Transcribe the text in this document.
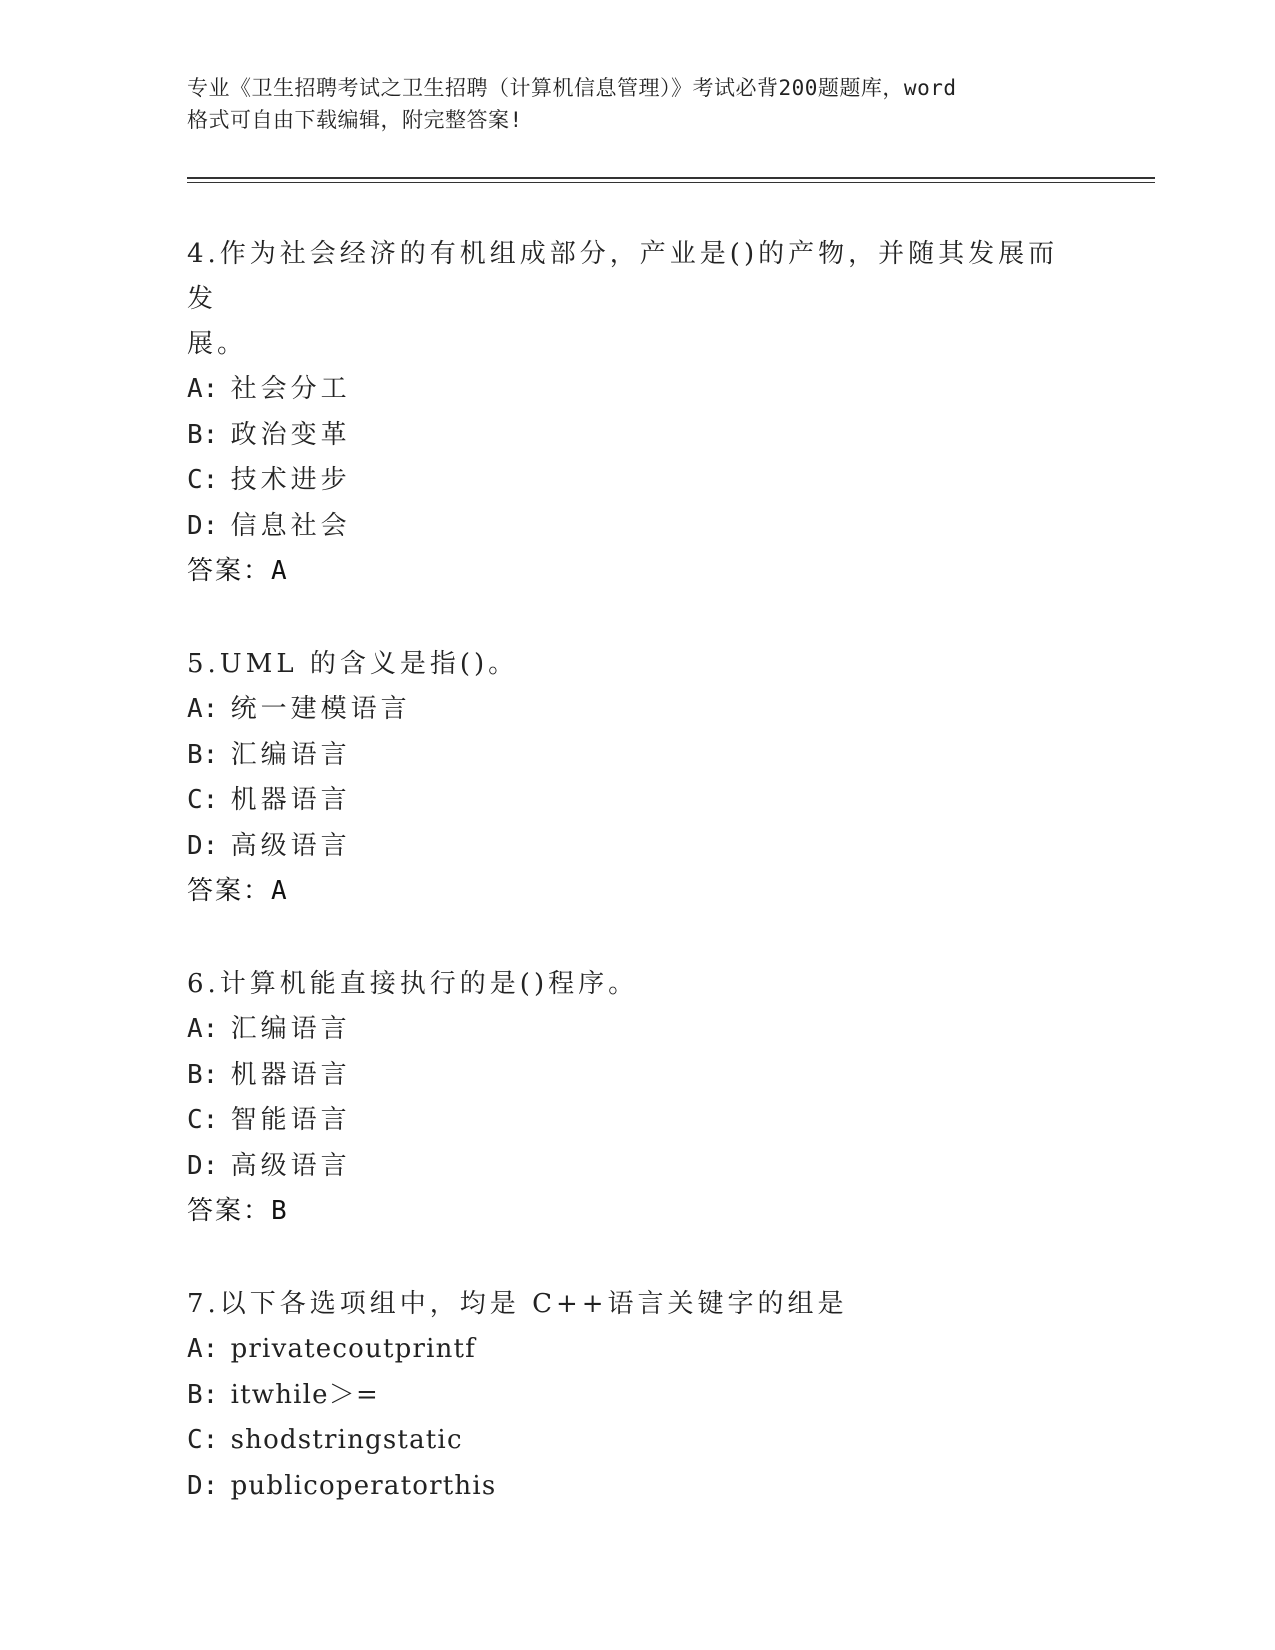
专业《卫生招聘考试之卫生招聘（计算机信息管理）》考试必背200题题库，word
格式可自由下载编辑，附完整答案!
4.作为社会经济的有机组成部分，产业是()的产物，并随其发展而发
展。
A: 社会分工
B: 政治变革
C: 技术进步
D: 信息社会
答案：A
5.UML 的含义是指()。
A: 统一建模语言
B: 汇编语言
C: 机器语言
D: 高级语言
答案：A
6.计算机能直接执行的是()程序。
A: 汇编语言
B: 机器语言
C: 智能语言
D: 高级语言
答案：B
7.以下各选项组中，均是 C++语言关键字的组是
A: privatecoutprintf
B: itwhile＞=
C: shodstringstatic
D: publicoperatorthis
